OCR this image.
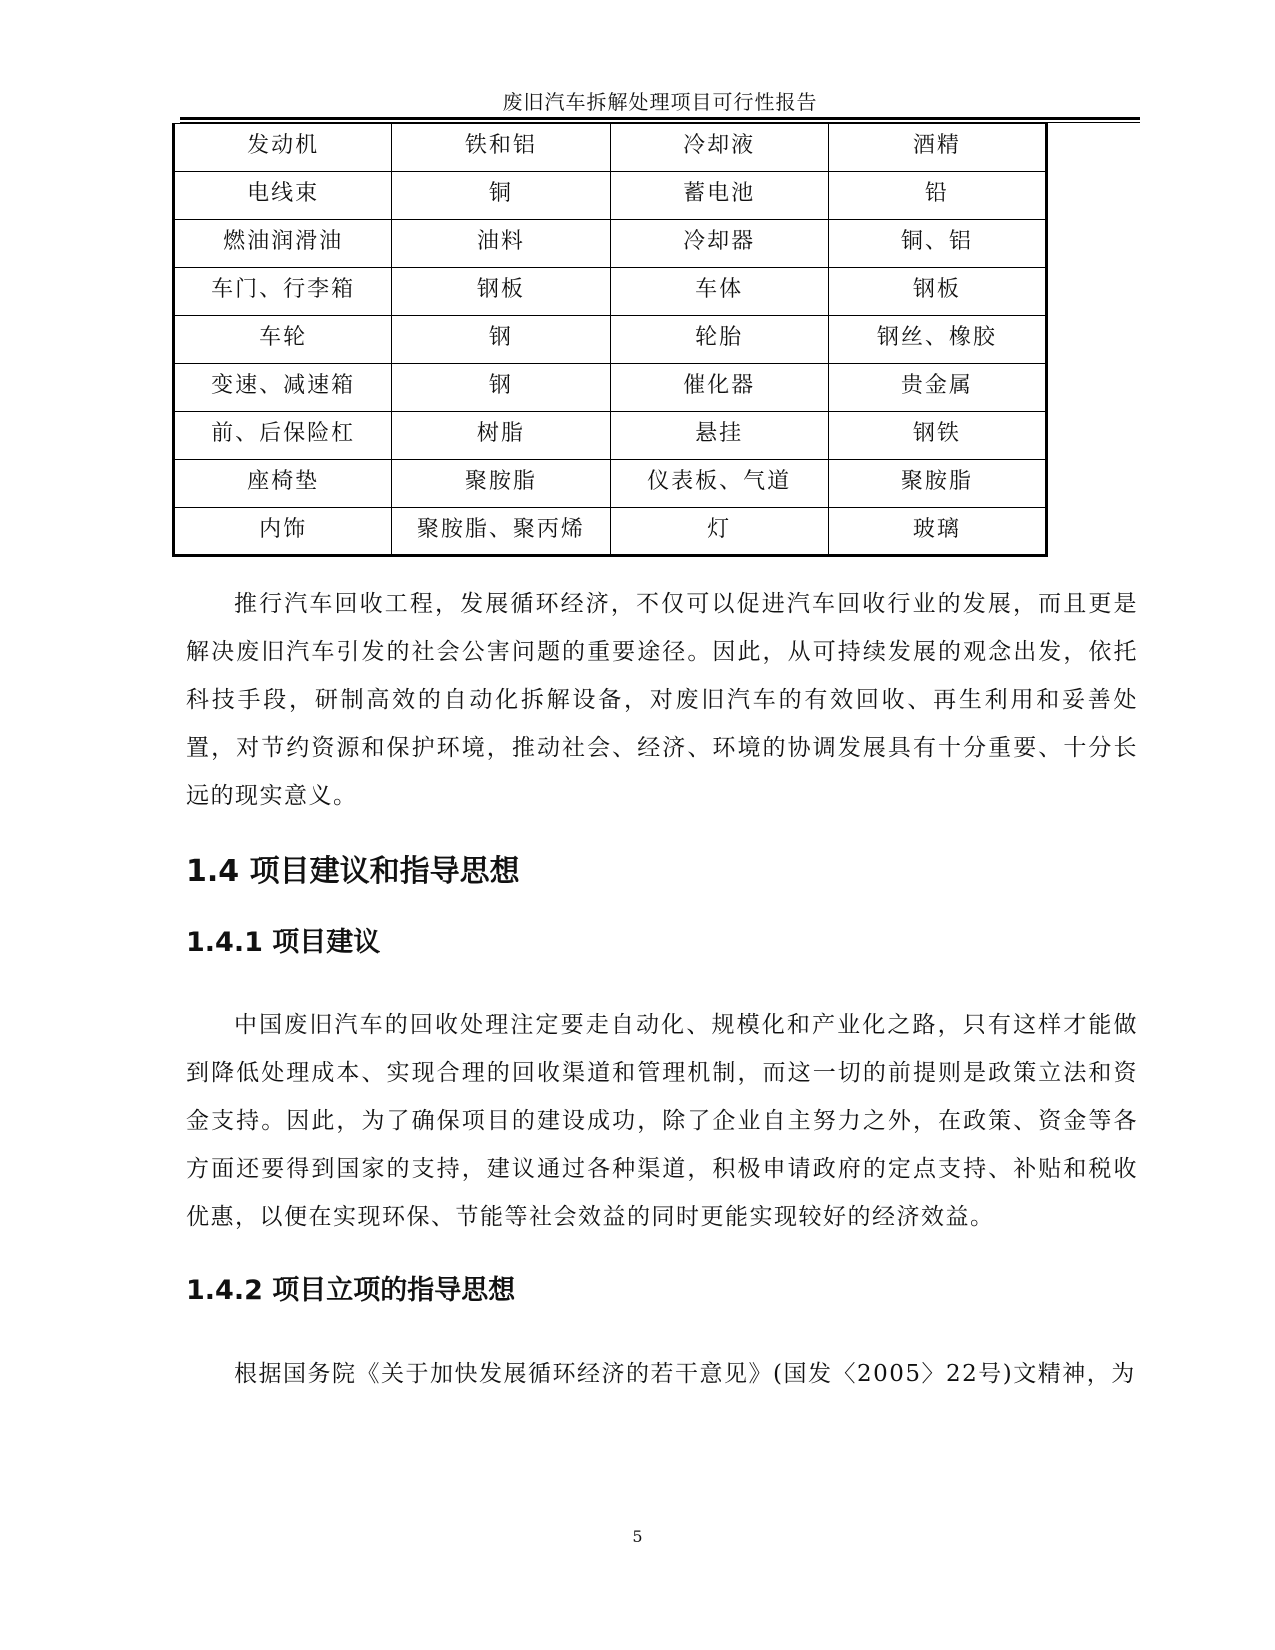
废旧汽车拆解处理项目可行性报告
发动机	铁和铝	冷却液	酒精
电线束	铜	蓄电池	铅
燃油润滑油	油料	冷却器	铜、铝
车门、行李箱	钢板	车体	钢板
车轮	钢	轮胎	钢丝、橡胶
变速、减速箱	钢	催化器	贵金属
前、后保险杠	树脂	悬挂	钢铁
座椅垫	聚胺脂	仪表板、气道	聚胺脂
内饰	聚胺脂、聚丙烯	灯	玻璃

推行汽车回收工程，发展循环经济，不仅可以促进汽车回收行业的发展，而且更是解决废旧汽车引发的社会公害问题的重要途径。因此，从可持续发展的观念出发，依托科技手段，研制高效的自动化拆解设备，对废旧汽车的有效回收、再生利用和妥善处置，对节约资源和保护环境，推动社会、经济、环境的协调发展具有十分重要、十分长远的现实意义。

1.4 项目建议和指导思想
1.4.1 项目建议

中国废旧汽车的回收处理注定要走自动化、规模化和产业化之路，只有这样才能做到降低处理成本、实现合理的回收渠道和管理机制，而这一切的前提则是政策立法和资金支持。因此，为了确保项目的建设成功，除了企业自主努力之外，在政策、资金等各方面还要得到国家的支持，建议通过各种渠道，积极申请政府的定点支持、补贴和税收优惠，以便在实现环保、节能等社会效益的同时更能实现较好的经济效益。

1.4.2 项目立项的指导思想

根据国务院《关于加快发展循环经济的若干意见》(国发〈2005〉22号)文精神，为

5
